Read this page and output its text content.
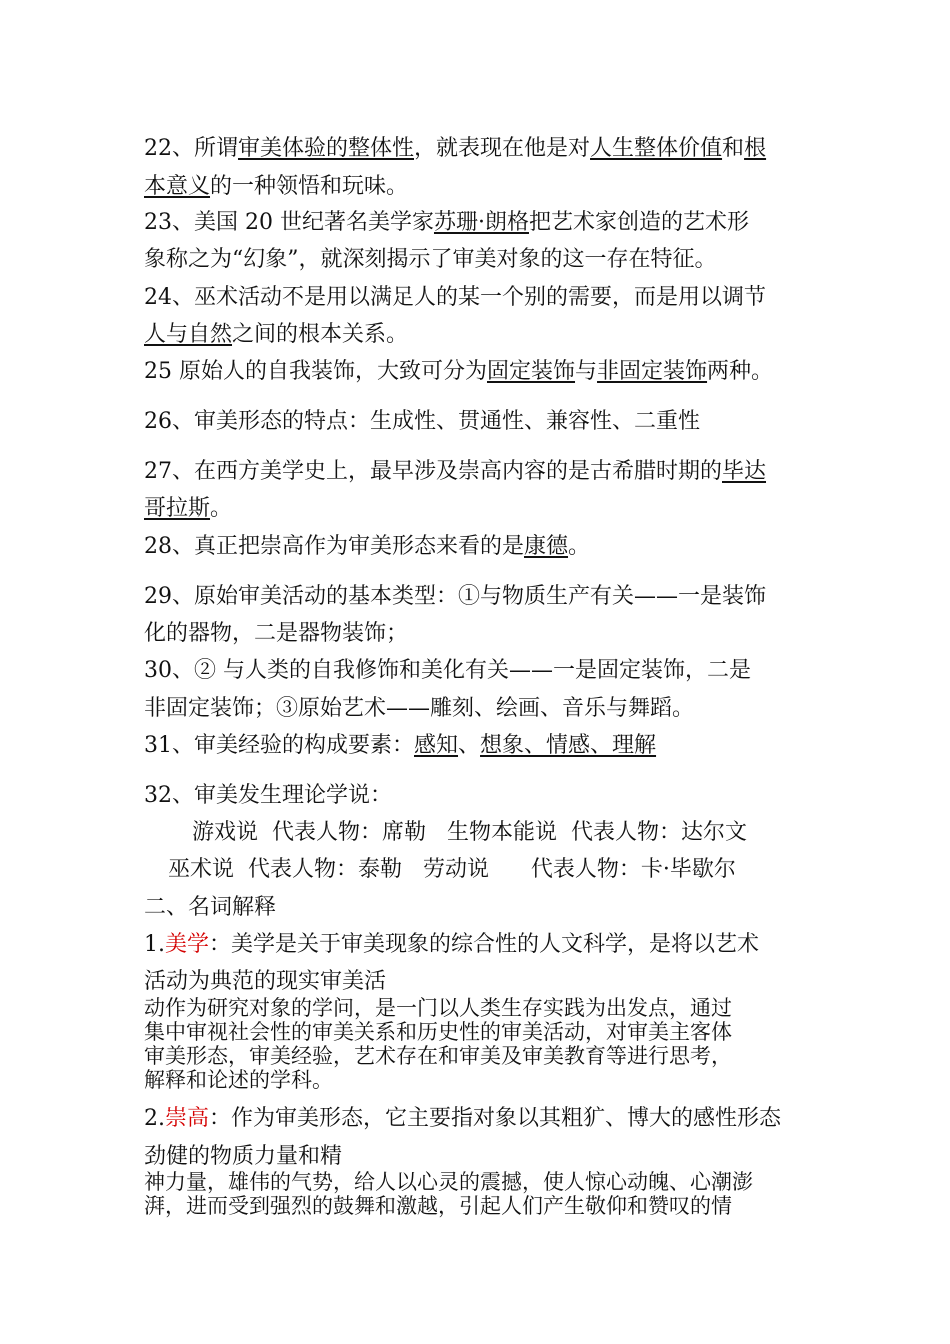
22、所谓审美体验的整体性，就表现在他是对人生整体价值和根
本意义的一种领悟和玩味。
23、美国 20 世纪著名美学家苏珊·朗格把艺术家创造的艺术形
象称之为“幻象”，就深刻揭示了审美对象的这一存在特征。
24、巫术活动不是用以满足人的某一个别的需要，而是用以调节
人与自然之间的根本关系。
25 原始人的自我装饰，大致可分为固定装饰与非固定装饰两种。
26、审美形态的特点：生成性、贯通性、兼容性、二重性
27、在西方美学史上，最早涉及崇高内容的是古希腊时期的毕达
哥拉斯。
28、真正把崇高作为审美形态来看的是康德。
29、原始审美活动的基本类型：①与物质生产有关——一是装饰
化的器物，二是器物装饰；
30、② 与人类的自我修饰和美化有关——一是固定装饰，二是
非固定装饰；③原始艺术——雕刻、绘画、音乐与舞蹈。
31、审美经验的构成要素：感知、想象、情感、理解
32、审美发生理论学说：
游戏说  代表人物：席勒   生物本能说  代表人物：达尔文
巫术说  代表人物：泰勒   劳动说      代表人物：卡·毕歇尔
二、名词解释
1.美学：美学是关于审美现象的综合性的人文科学，是将以艺术
活动为典范的现实审美活
动作为研究对象的学问，是一门以人类生存实践为出发点，通过
集中审视社会性的审美关系和历史性的审美活动，对审美主客体
审美形态，审美经验，艺术存在和审美及审美教育等进行思考，
解释和论述的学科。
2.崇高：作为审美形态，它主要指对象以其粗犷、博大的感性形态
劲健的物质力量和精
神力量，雄伟的气势，给人以心灵的震撼，使人惊心动魄、心潮澎
湃，进而受到强烈的鼓舞和激越，引起人们产生敬仰和赞叹的情
